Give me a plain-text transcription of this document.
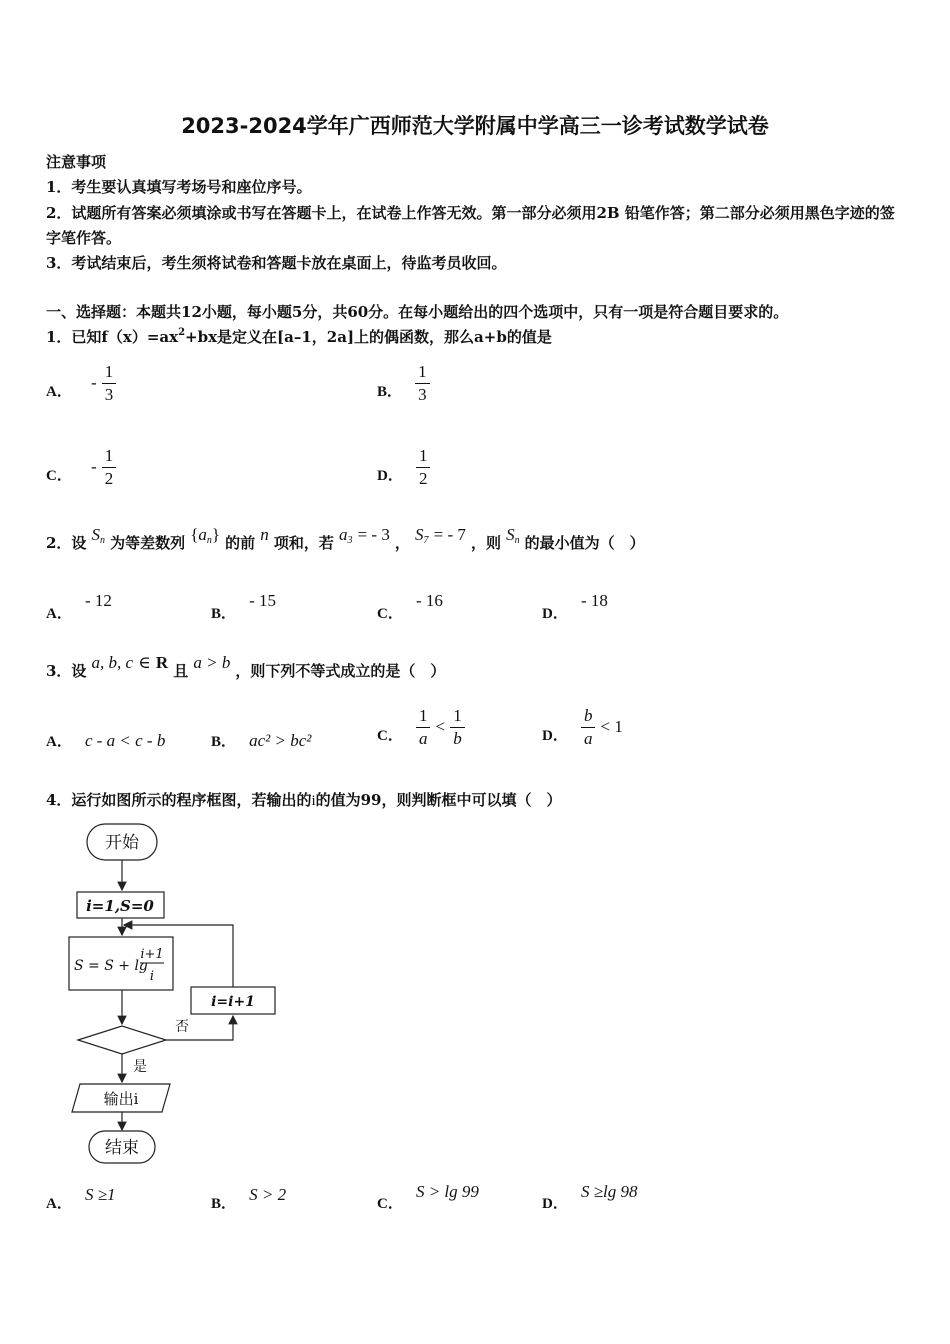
2023-2024学年广西师范大学附属中学高三一诊考试数学试卷
注意事项
1．考生要认真填写考场号和座位序号。
2．试题所有答案必须填涂或书写在答题卡上，在试卷上作答无效。第一部分必须用2B 铅笔作答；第二部分必须用黑色字迹的签字笔作答。
3．考试结束后，考生须将试卷和答题卡放在桌面上，待监考员收回。
一、选择题：本题共12小题，每小题5分，共60分。在每小题给出的四个选项中，只有一项是符合题目要求的。
1．已知$f(x)=ax^2+bx$是定义在[a–1，2a]上的偶函数，那么a+b的值是
A． - $\frac{1}{3}$	B． $\frac{1}{3}$
C． - $\frac{1}{2}$	D． $\frac{1}{2}$
2．设 $S_n$ 为等差数列 $\{a_n\}$ 的前 n 项和，若 $a_3$ = - 3 ， $S_7$ = - 7 ，则 $S_n$ 的最小值为（　）
A． - 12
B． - 15
C． - 16
D． - 18
3．设 a, b, c ∈ R 且 a > b ，则下列不等式成立的是（　）
A． c - a < c - b	B． ac² > bc²	C． $\frac{1}{a} < \frac{1}{b}$	D． $\frac{b}{a} < 1$
4．运行如图所示的程序框图，若输出的i的值为99，则判断框中可以填（　）
开始
i=1,S=0
S = S + lg
i+1
i
i=i+1
否
是
输出i
结束
A． S ≥1	B． S > 2	C． S > lg 99
D． S ≥lg 98
